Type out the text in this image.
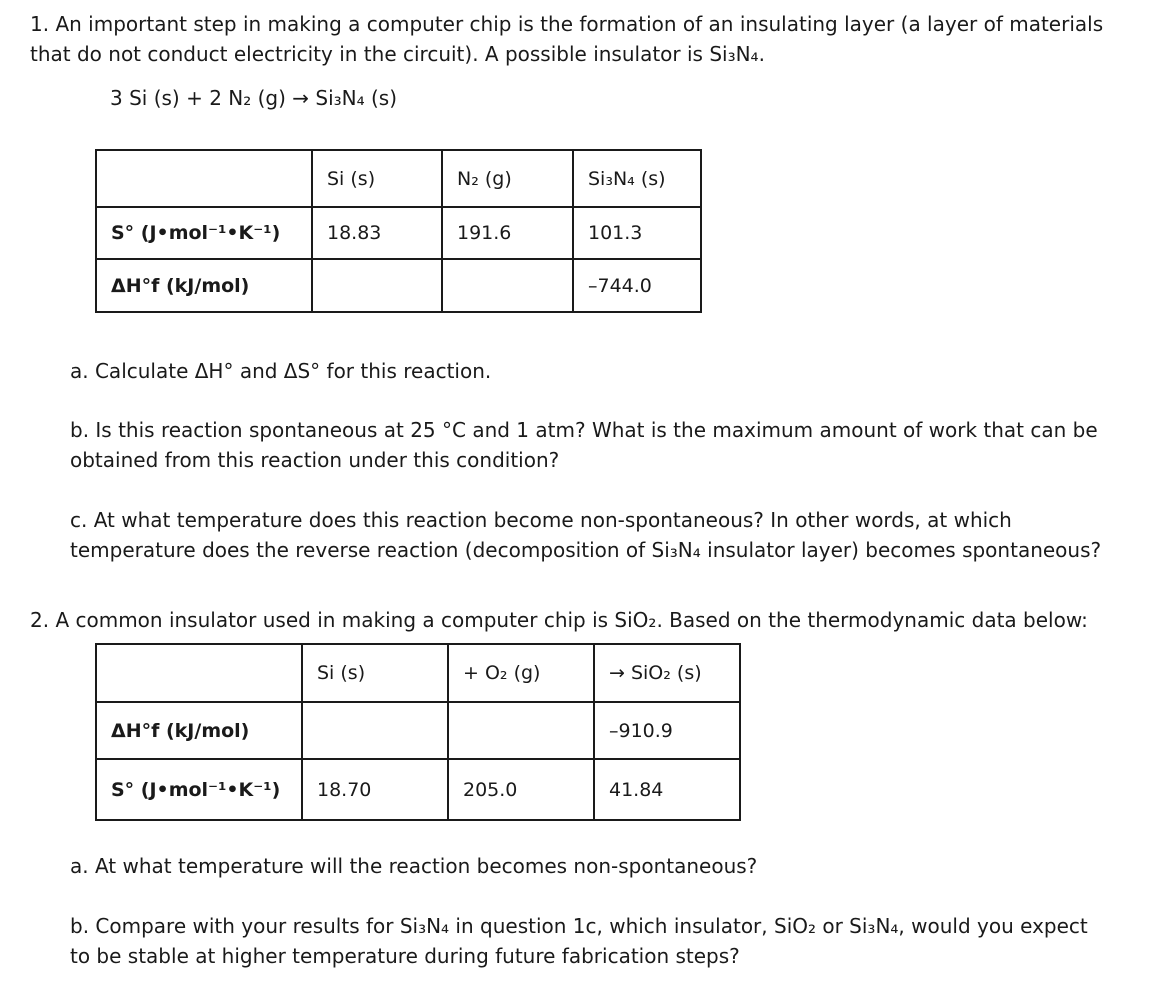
1. An important step in making a computer chip is the formation of an insulating layer (a layer of materials
that do not conduct electricity in the circuit). A possible insulator is Si₃N₄.
3 Si (s) + 2 N₂ (g) → Si₃N₄ (s)
	Si (s)	N₂ (g)	Si₃N₄ (s)
S° (J•mol⁻¹•K⁻¹)	18.83	191.6	101.3
ΔH°f (kJ/mol)			–744.0
a. Calculate ΔH° and ΔS° for this reaction.
b. Is this reaction spontaneous at 25 °C and 1 atm? What is the maximum amount of work that can be
obtained from this reaction under this condition?
c. At what temperature does this reaction become non-spontaneous? In other words, at which
temperature does the reverse reaction (decomposition of Si₃N₄ insulator layer) becomes spontaneous?
2. A common insulator used in making a computer chip is SiO₂. Based on the thermodynamic data below:
	Si (s)	+ O₂ (g)	→ SiO₂ (s)
ΔH°f (kJ/mol)			–910.9
S° (J•mol⁻¹•K⁻¹)	18.70	205.0	41.84
a. At what temperature will the reaction becomes non-spontaneous?
b. Compare with your results for Si₃N₄ in question 1c, which insulator, SiO₂ or Si₃N₄, would you expect
to be stable at higher temperature during future fabrication steps?
